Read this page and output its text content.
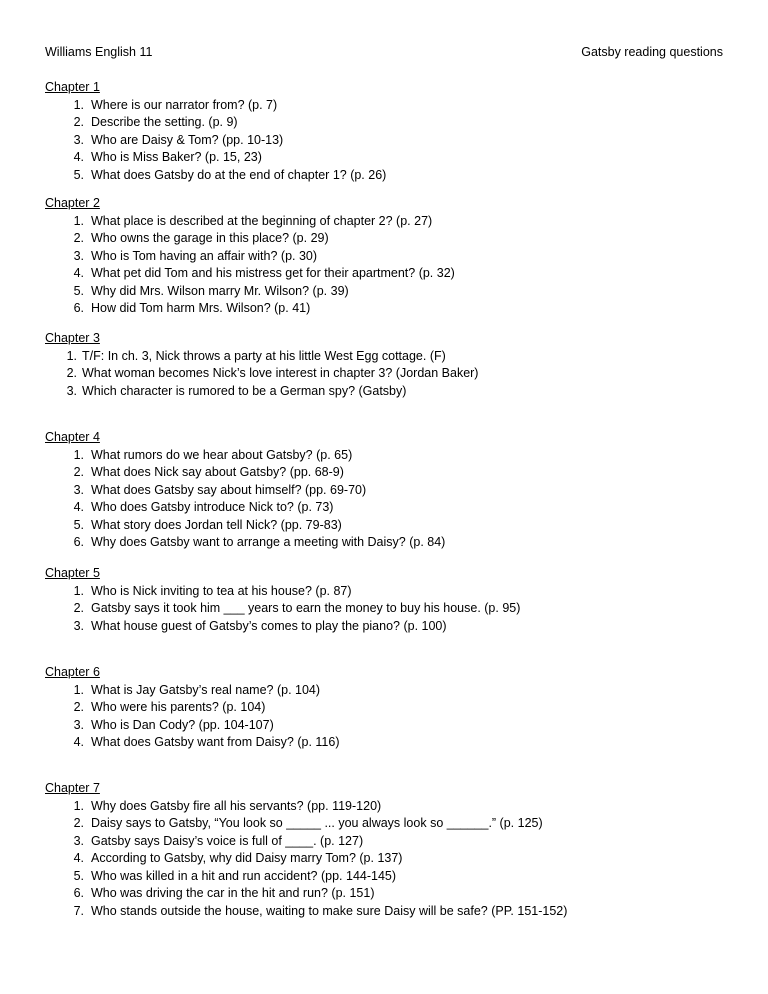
Williams English 11	Gatsby reading questions
Chapter 1
1. Where is our narrator from? (p. 7)
2. Describe the setting. (p. 9)
3. Who are Daisy & Tom? (pp. 10-13)
4. Who is Miss Baker? (p. 15, 23)
5. What does Gatsby do at the end of chapter 1? (p. 26)
Chapter 2
1. What place is described at the beginning of chapter 2? (p. 27)
2. Who owns the garage in this place? (p. 29)
3. Who is Tom having an affair with? (p. 30)
4. What pet did Tom and his mistress get for their apartment? (p. 32)
5. Why did Mrs. Wilson marry Mr. Wilson? (p. 39)
6. How did Tom harm Mrs. Wilson? (p. 41)
Chapter 3
1. T/F: In ch. 3, Nick throws a party at his little West Egg cottage. (F)
2. What woman becomes Nick’s love interest in chapter 3? (Jordan Baker)
3. Which character is rumored to be a German spy? (Gatsby)
Chapter 4
1. What rumors do we hear about Gatsby? (p. 65)
2. What does Nick say about Gatsby? (pp. 68-9)
3. What does Gatsby say about himself? (pp. 69-70)
4. Who does Gatsby introduce Nick to? (p. 73)
5. What story does Jordan tell Nick? (pp. 79-83)
6. Why does Gatsby want to arrange a meeting with Daisy? (p. 84)
Chapter 5
1. Who is Nick inviting to tea at his house? (p. 87)
2. Gatsby says it took him ___ years to earn the money to buy his house. (p. 95)
3. What house guest of Gatsby’s comes to play the piano? (p. 100)
Chapter 6
1. What is Jay Gatsby’s real name? (p. 104)
2. Who were his parents? (p. 104)
3. Who is Dan Cody? (pp. 104-107)
4. What does Gatsby want from Daisy? (p. 116)
Chapter 7
1. Why does Gatsby fire all his servants? (pp. 119-120)
2. Daisy says to Gatsby, “You look so _____ ... you always look so ______.” (p. 125)
3. Gatsby says Daisy’s voice is full of ____. (p. 127)
4. According to Gatsby, why did Daisy marry Tom? (p. 137)
5. Who was killed in a hit and run accident? (pp. 144-145)
6. Who was driving the car in the hit and run? (p. 151)
7. Who stands outside the house, waiting to make sure Daisy will be safe? (PP. 151-152)
